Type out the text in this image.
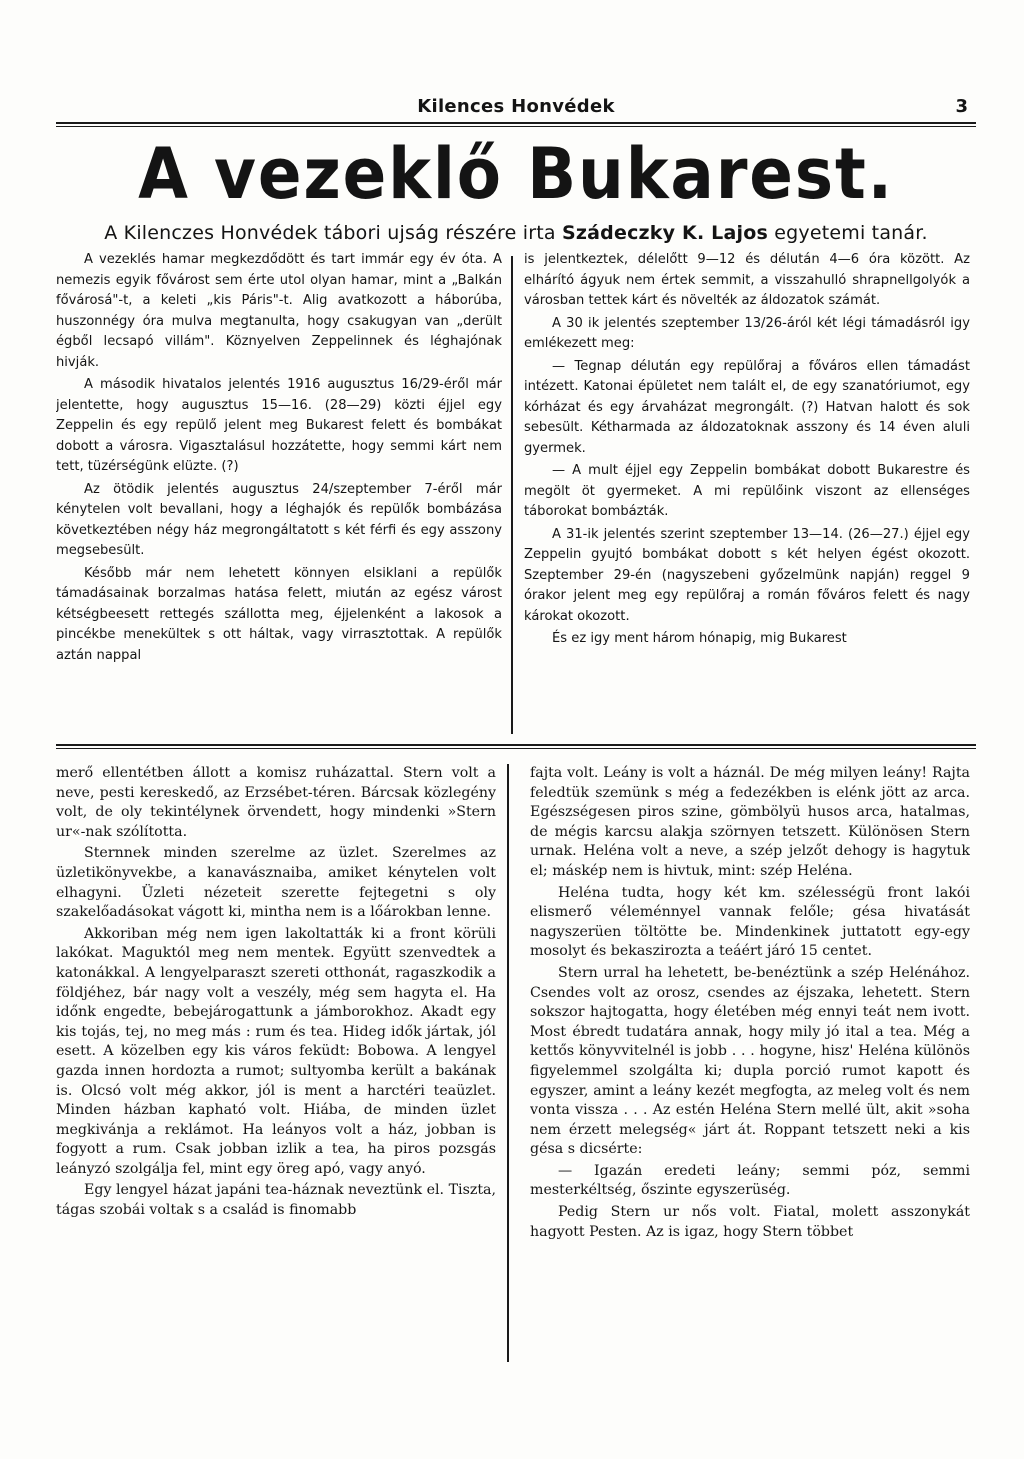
Kilences Honvédek	3
A vezeklő Bukarest.
A Kilenczes Honvédek tábori ujság részére irta Szádeczky K. Lajos egyetemi tanár.

A vezeklés hamar megkezdődött és tart immár egy év óta. A nemezis egyik fővárost sem érte utol olyan hamar, mint a „Balkán fővárosá"-t, a keleti „kis Páris"-t. Alig avatkozott a háborúba, huszonnégy óra mulva megtanulta, hogy csakugyan van „derült égből lecsapó villám". Köznyelven Zeppelinnek és léghajónak hivják.

A második hivatalos jelentés 1916 augusztus 16/29-éről már jelentette, hogy augusztus 15—16. (28—29) közti éjjel egy Zeppelin és egy repülő jelent meg Bukarest felett és bombákat dobott a városra. Vigasztalásul hozzátette, hogy semmi kárt nem tett, tüzérségünk elüzte. (?)

Az ötödik jelentés augusztus 24/szeptember 7-éről már kénytelen volt bevallani, hogy a léghajók és repülők bombázása következtében négy ház megrongáltatott s két férfi és egy asszony megsebesült.

Később már nem lehetett könnyen elsiklani a repülők támadásainak borzalmas hatása felett, miután az egész várost kétségbeesett rettegés szállotta meg, éjjelenként a lakosok a pincékbe menekültek s ott háltak, vagy virrasztottak. A repülők aztán nappal

is jelentkeztek, délelőtt 9—12 és délután 4—6 óra között. Az elhárító ágyuk nem értek semmit, a visszahulló shrapnellgolyók a városban tettek kárt és növelték az áldozatok számát.

A 30 ik jelentés szeptember 13/26-áról két légi támadásról igy emlékezett meg:

— Tegnap délután egy repülőraj a főváros ellen támadást intézett. Katonai épületet nem talált el, de egy szanatóriumot, egy kórházat és egy árvaházat megrongált. (?) Hatvan halott és sok sebesült. Kétharmada az áldozatoknak asszony és 14 éven aluli gyermek.

— A mult éjjel egy Zeppelin bombákat dobott Bukarestre és megölt öt gyermeket. A mi repülőink viszont az ellenséges táborokat bombázták.

A 31-ik jelentés szerint szeptember 13—14. (26—27.) éjjel egy Zeppelin gyujtó bombákat dobott s két helyen égést okozott. Szeptember 29-én (nagyszebeni győzelmünk napján) reggel 9 órakor jelent meg egy repülőraj a román főváros felett és nagy károkat okozott.

És ez igy ment három hónapig, mig Bukarest

merő ellentétben állott a komisz ruházattal. Stern volt a neve, pesti kereskedő, az Erzsébet-téren. Bárcsak közlegény volt, de oly tekintélynek örvendett, hogy mindenki »Stern ur«-nak szólította.

Sternnek minden szerelme az üzlet. Szerelmes az üzletikönyvekbe, a kanavásznaiba, amiket kénytelen volt elhagyni. Üzleti nézeteit szerette fejtegetni s oly szakelőadásokat vágott ki, mintha nem is a lőárokban lenne.

Akkoriban még nem igen lakoltatták ki a front körüli lakókat. Maguktól meg nem mentek. Együtt szenvedtek a katonákkal. A lengyelparaszt szereti otthonát, ragaszkodik a földjéhez, bár nagy volt a veszély, még sem hagyta el. Ha időnk engedte, bebejárogattunk a jámborokhoz. Akadt egy kis tojás, tej, no meg más : rum és tea. Hideg idők jártak, jól esett. A közelben egy kis város feküdt: Bobowa. A lengyel gazda innen hordozta a rumot; sultyomba került a bakának is. Olcsó volt még akkor, jól is ment a harctéri teaüzlet. Minden házban kapható volt. Hiába, de minden üzlet megkivánja a reklámot. Ha leányos volt a ház, jobban is fogyott a rum. Csak jobban izlik a tea, ha piros pozsgás leányzó szolgálja fel, mint egy öreg apó, vagy anyó.

Egy lengyel házat japáni tea-háznak neveztünk el. Tiszta, tágas szobái voltak s a család is finomabb

fajta volt. Leány is volt a háznál. De még milyen leány! Rajta feledtük szemünk s még a fedezékben is elénk jött az arca. Egészségesen piros szine, gömbölyü husos arca, hatalmas, de mégis karcsu alakja szörnyen tetszett. Különösen Stern urnak. Heléna volt a neve, a szép jelzőt dehogy is hagytuk el; máskép nem is hivtuk, mint: szép Heléna.

Heléna tudta, hogy két km. szélességü front lakói elismerő véleménnyel vannak felőle; gésa hivatását nagyszerüen töltötte be. Mindenkinek juttatott egy-egy mosolyt és bekaszirozta a teáért járó 15 centet.

Stern urral ha lehetett, be-benéztünk a szép Helénához. Csendes volt az orosz, csendes az éjszaka, lehetett. Stern sokszor hajtogatta, hogy életében még ennyi teát nem ivott. Most ébredt tudatára annak, hogy mily jó ital a tea. Még a kettős könyvvitelnél is jobb . . . hogyne, hisz' Heléna különös figyelemmel szolgálta ki; dupla porció rumot kapott és egyszer, amint a leány kezét megfogta, az meleg volt és nem vonta vissza . . . Az estén Heléna Stern mellé ült, akit »soha nem érzett melegség« járt át. Roppant tetszett neki a kis gésa s dicsérte:

— Igazán eredeti leány; semmi póz, semmi mesterkéltség, őszinte egyszerüség.

Pedig Stern ur nős volt. Fiatal, molett asszonykát hagyott Pesten. Az is igaz, hogy Stern többet
